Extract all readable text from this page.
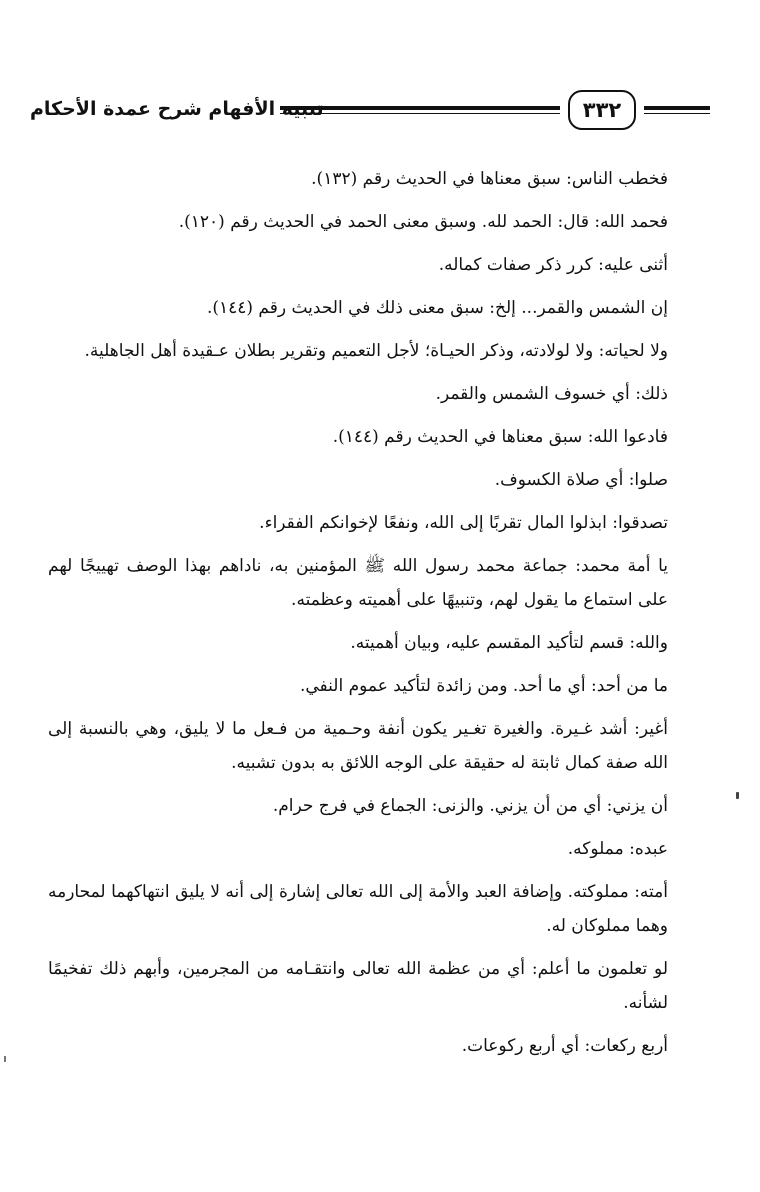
تنبيه الأفهام شرح عمدة الأحكام	٣٣٢

فخطب الناس: سبق معناها في الحديث رقم (١٣٢).

فحمد الله: قال: الحمد لله. وسبق معنى الحمد في الحديث رقم (١٢٠).

أثنى عليه: كرر ذكر صفات كماله.

إن الشمس والقمر... إلخ: سبق معنى ذلك في الحديث رقم (١٤٤).

ولا لحياته: ولا لولادته، وذكر الحيـاة؛ لأجل التعميم وتقرير بطلان عـقيدة أهل الجاهلية.

ذلك: أي خسوف الشمس والقمر.

فادعوا الله: سبق معناها في الحديث رقم (١٤٤).

صلوا: أي صلاة الكسوف.

تصدقوا: ابذلوا المال تقربًا إلى الله، ونفعًا لإخوانكم الفقراء.

يا أمة محمد: جماعة محمد رسول الله ﷺ المؤمنين به، ناداهم بهذا الوصف تهييجًا لهم على استماع ما يقول لهم، وتنبيهًا على أهميته وعظمته.

والله: قسم لتأكيد المقسم عليه، وبيان أهميته.

ما من أحد: أي ما أحد. ومن زائدة لتأكيد عموم النفي.

أغير: أشد غـيرة. والغيرة تغـير يكون أنفة وحـمية من فـعل ما لا يليق، وهي بالنسبة إلى الله صفة كمال ثابتة له حقيقة على الوجه اللائق به بدون تشبيه.

أن يزني: أي من أن يزني. والزنى: الجماع في فرج حرام.

عبده: مملوكه.

أمته: مملوكته. وإضافة العبد والأمة إلى الله تعالى إشارة إلى أنه لا يليق انتهاكهما لمحارمه وهما مملوكان له.

لو تعلمون ما أعلم: أي من عظمة الله تعالى وانتقـامه من المجرمين، وأبهم ذلك تفخيمًا لشأنه.

أربع ركعات: أي أربع ركوعات.
